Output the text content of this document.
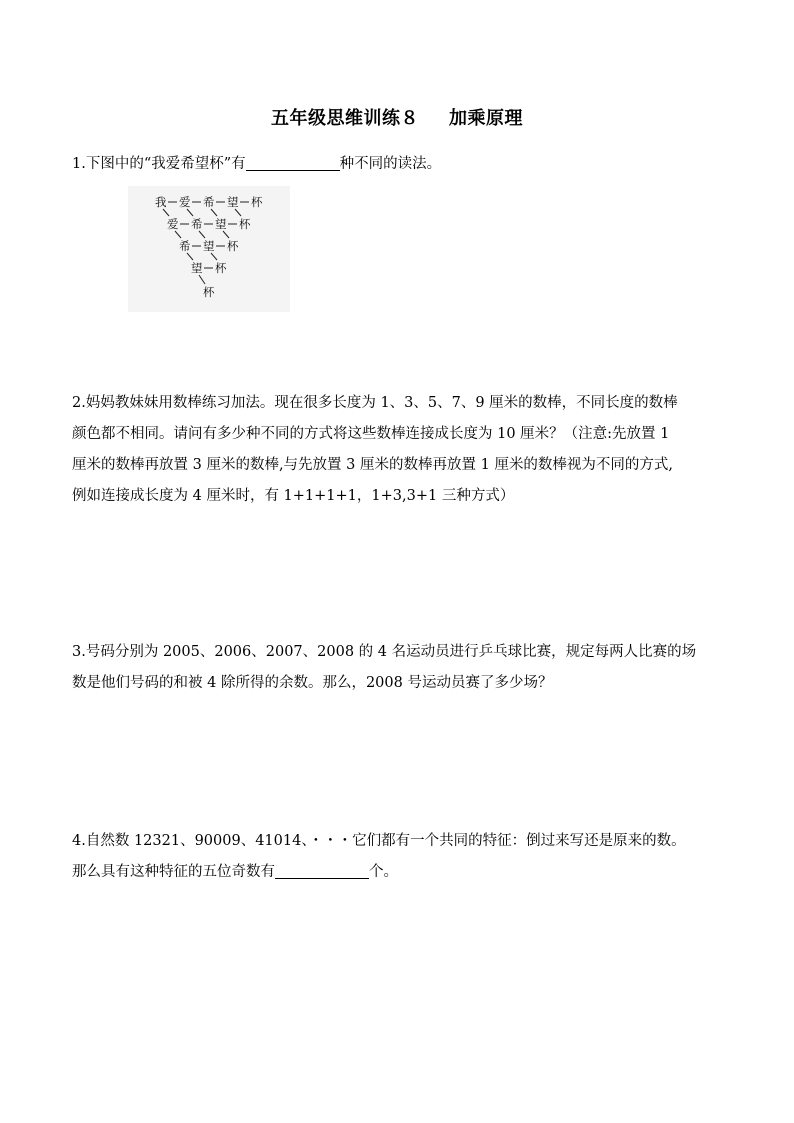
五年级思维训练８ 加乘原理

1.下图中的“我爱希望杯”有	种不同的读法。

我 爱 希 望 杯
爱 希 望 杯
希 望 杯
望 杯
杯

2.妈妈教妹妹用数棒练习加法。现在很多长度为 1、3、5、7、9 厘米的数棒，不同长度的数棒

颜色都不相同。请问有多少种不同的方式将这些数棒连接成长度为 10 厘米？（注意:先放置 1

厘米的数棒再放置 3 厘米的数棒,与先放置 3 厘米的数棒再放置 1 厘米的数棒视为不同的方式,

例如连接成长度为 4 厘米时，有 1+1+1+1，1+3,3+1 三种方式）

3.号码分别为 2005、2006、2007、2008 的 4 名运动员进行乒乓球比赛，规定每两人比赛的场

数是他们号码的和被 4 除所得的余数。那么，2008 号运动员赛了多少场？

4.自然数 12321、90009、41014、・・・它们都有一个共同的特征：倒过来写还是原来的数。

那么具有这种特征的五位奇数有	个。
